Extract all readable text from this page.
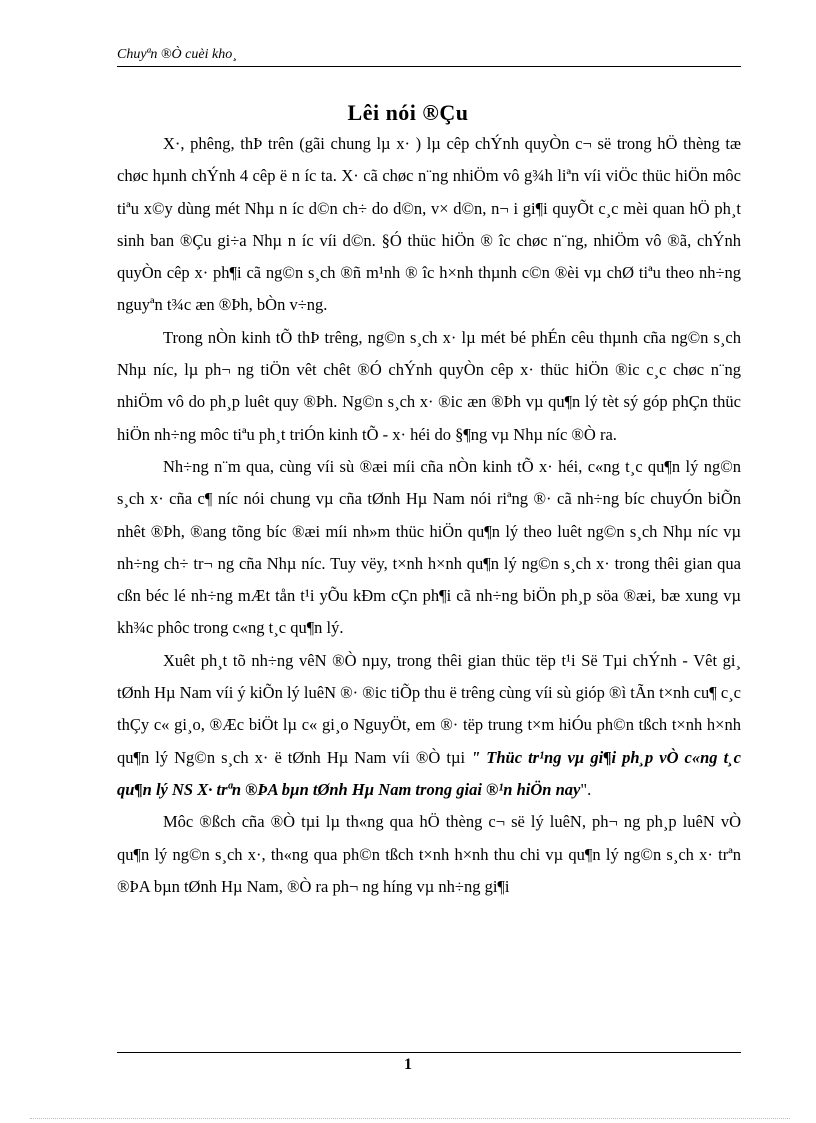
Chuyªn ®Ò cuèi kho¸
Lêi nói ®Çu

X·, phêng, thÞ trên (gãi chung lµ x· ) lµ cêp chÝnh quyÒn c¬ së trong hÖ thèng tæ chøc hµnh chÝnh 4 cêp ë n íc ta. X· cã chøc n¨ng nhiÖm vô g¾h liªn víi viÖc thüc hiÖn môc tiªu x©y dùng mét Nhµ n íc d©n ch÷ do d©n, v× d©n, n¬ i gi¶i quyÕt c¸c mèi quan hÖ ph¸t sinh ban ®Çu gi÷a Nhµ n íc víi d©n. §Ó thüc hiÖn ® îc chøc n¨ng, nhiÖm vô ®ã, chÝnh quyÒn cêp x· ph¶i cã ng©n s¸ch ®ñ m¹nh ® îc h×nh thµnh c©n ®èi vµ chØ tiªu theo nh÷ng nguyªn t¾c æn ®Þh, bÒn v÷ng.

Trong nÒn kinh tÕ thÞ trêng, ng©n s¸ch x· lµ mét bé phÉn cêu thµnh cña ng©n s¸ch Nhµ níc, lµ ph¬ ng tiÖn vêt chêt ®Ó chÝnh quyÒn cêp x· thüc hiÖn ®ic c¸c chøc n¨ng nhiÖm vô do ph¸p luêt quy ®Þh. Ng©n s¸ch x· ®ic æn ®Þh vµ qu¶n lý tèt sý góp phÇn thüc hiÖn nh÷ng môc tiªu ph¸t triÓn kinh tÕ - x· héi do §¶ng vµ Nhµ níc ®Ò ra.

Nh÷ng n¨m qua, cùng víi sù ®æi míi cña nÒn kinh tÕ x· héi, c«ng t¸c qu¶n lý ng©n s¸ch x· cña c¶ níc nói chung vµ cña tØnh Hµ Nam nói riªng ®· cã nh÷ng bíc chuyÓn biÕn nhêt ®Þh, ®ang tõng bíc ®æi míi nh»m thüc hiÖn qu¶n lý theo luêt ng©n s¸ch Nhµ níc vµ nh÷ng ch÷ tr¬ ng cña Nhµ níc. Tuy vëy, t×nh h×nh qu¶n lý ng©n s¸ch x· trong thêi gian qua cßn béc lé nh÷ng mÆt tån t¹i yÕu kÐm cÇn ph¶i cã nh÷ng biÖn ph¸p söa ®æi, bæ xung vµ kh¾c phôc trong c«ng t¸c qu¶n lý.

Xuêt ph¸t tõ nh÷ng vêN ®Ò nµy, trong thêi gian thüc tëp t¹i Së Tµi chÝnh - Vêt gi¸ tØnh Hµ Nam víi ý kiÕn lý luêN ®· ®ic tiÕp thu ë trêng cùng víi sù gióp ®ì tÃn t×nh cu¶ c¸c thÇy c« gi¸o, ®Æc biÖt lµ c« gi¸o NguyÖt, em ®· tëp trung t×m hiÓu ph©n tßch t×nh h×nh qu¶n lý Ng©n s¸ch x· ë tØnh Hµ Nam víi ®Ò tµi " Thüc tr¹ng vµ gi¶i ph¸p vÒ c«ng t¸c qu¶n lý NS X· trªn ®ÞA bµn tØnh Hµ Nam trong giai ®¹n hiÖn nay".

Môc ®ßch cña ®Ò tµi lµ th«ng qua hÖ thèng c¬ së lý luêN, ph¬ ng ph¸p luêN vÒ qu¶n lý ng©n s¸ch x·, th«ng qua ph©n tßch t×nh h×nh thu chi vµ qu¶n lý ng©n s¸ch x· trªn ®ÞA bµn tØnh Hµ Nam, ®Ò ra ph¬ ng híng vµ nh÷ng gi¶i

1
